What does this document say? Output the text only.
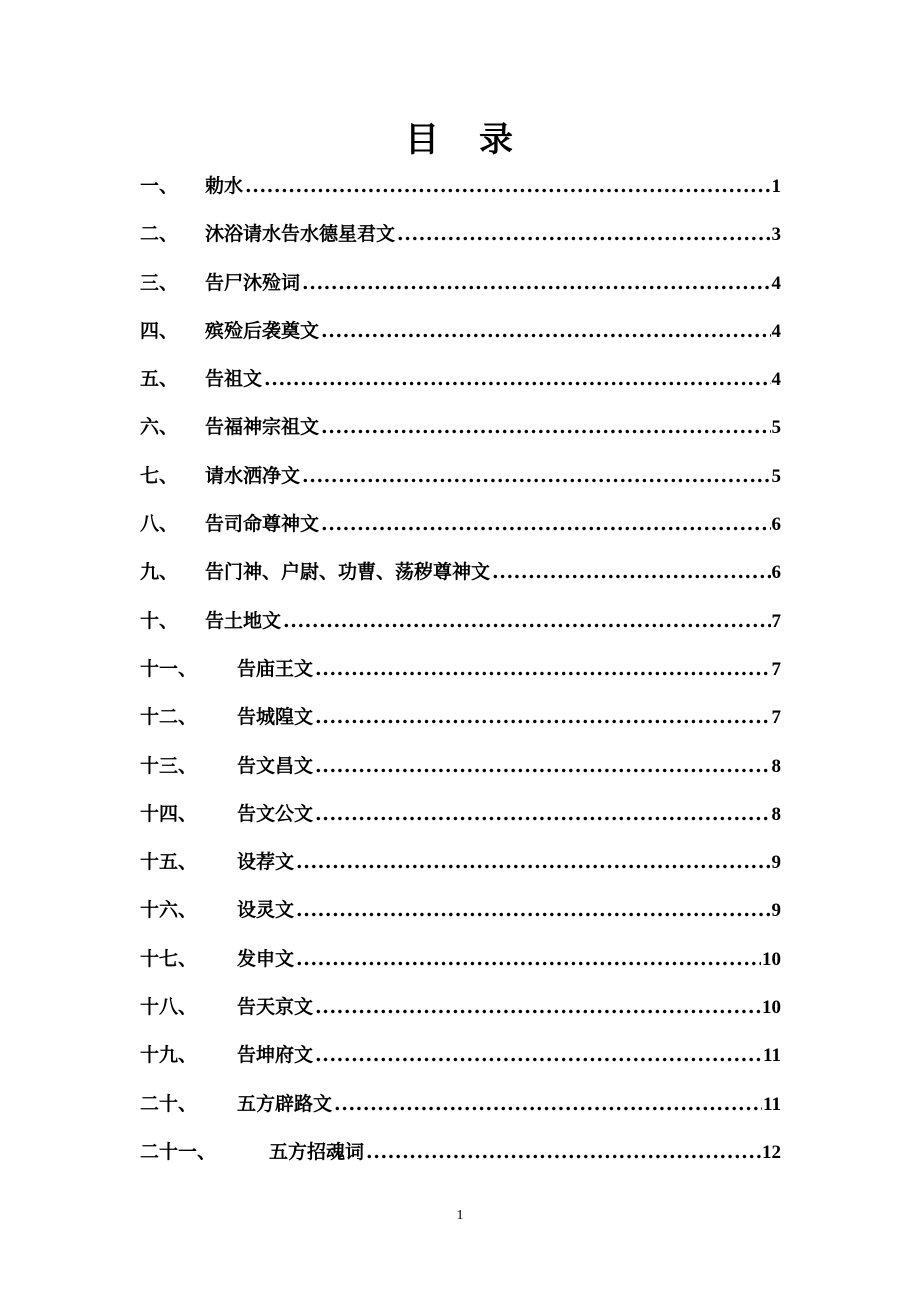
目 录
一、	勅水 .....	1
二、	沐浴请水告水德星君文 .....	3
三、	告尸沐殓词 .....	4
四、	殡殓后袭奠文 .....	4
五、	告祖文 .....	4
六、	告福神宗祖文 .....	5
七、	请水洒净文 .....	5
八、	告司命尊神文 .....	6
九、	告门神、户尉、功曹、荡秽尊神文 .....	6
十、	告土地文 .....	7
十一、	告庙王文 .....	7
十二、	告城隍文 .....	7
十三、	告文昌文 .....	8
十四、	告文公文 .....	8
十五、	设荐文 .....	9
十六、	设灵文 .....	9
十七、	发申文 .....	10
十八、	告天京文 .....	10
十九、	告坤府文 .....	11
二十、	五方辟路文 .....	11
二十一、	五方招魂词 .....	12
1
